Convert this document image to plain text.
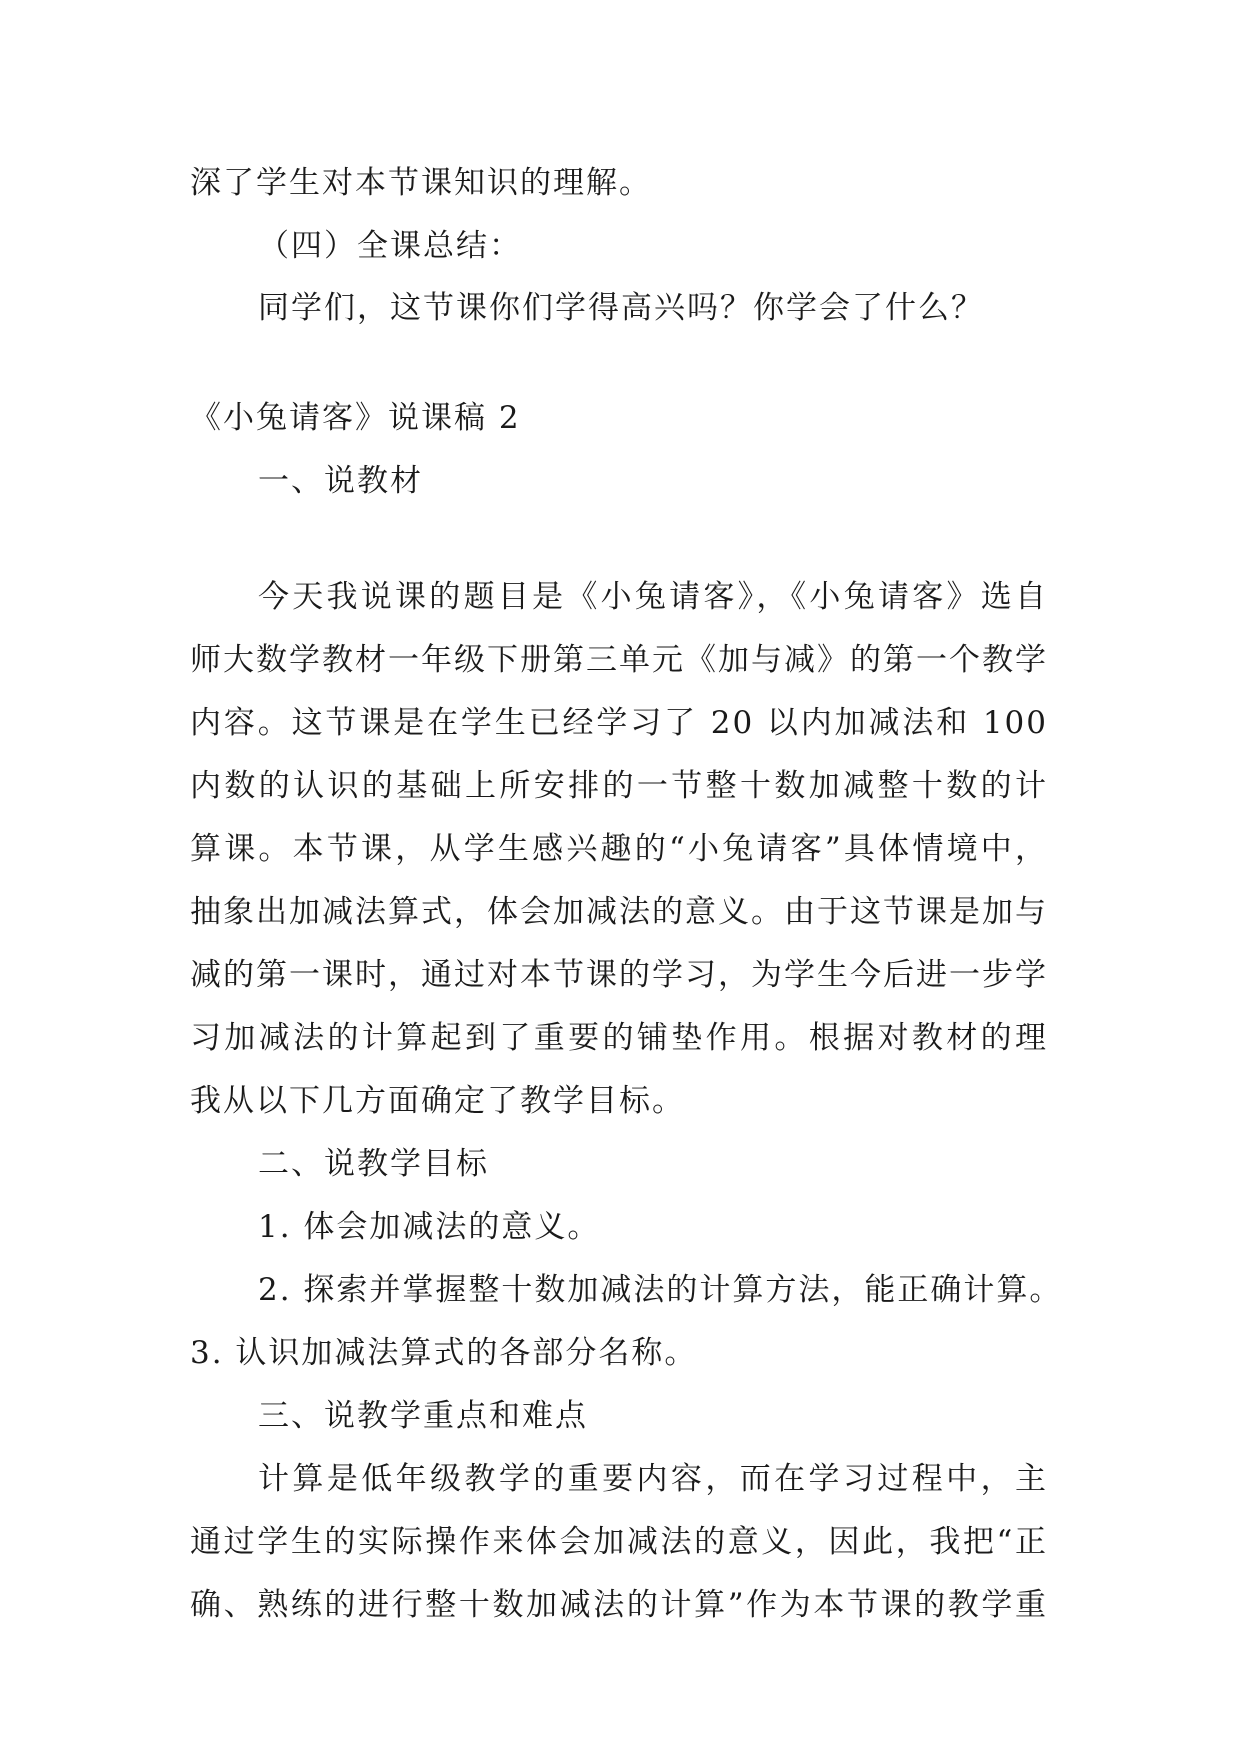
深了学生对本节课知识的理解。
（四）全课总结：
同学们，这节课你们学得高兴吗？你学会了什么？
《小兔请客》说课稿 2
一、说教材
今天我说课的题目是《小兔请客》，《小兔请客》选自
师大数学教材一年级下册第三单元《加与减》的第一个教学
内容。这节课是在学生已经学习了 20 以内加减法和 100
内数的认识的基础上所安排的一节整十数加减整十数的计
算课。本节课，从学生感兴趣的“小兔请客”具体情境中，
抽象出加减法算式，体会加减法的意义。由于这节课是加与
减的第一课时，通过对本节课的学习，为学生今后进一步学
习加减法的计算起到了重要的铺垫作用。根据对教材的理
我从以下几方面确定了教学目标。
二、说教学目标
1. 体会加减法的意义。
2. 探索并掌握整十数加减法的计算方法，能正确计算。
3. 认识加减法算式的各部分名称。
三、说教学重点和难点
计算是低年级教学的重要内容，而在学习过程中，主
通过学生的实际操作来体会加减法的意义，因此，我把“正
确、熟练的进行整十数加减法的计算”作为本节课的教学重
